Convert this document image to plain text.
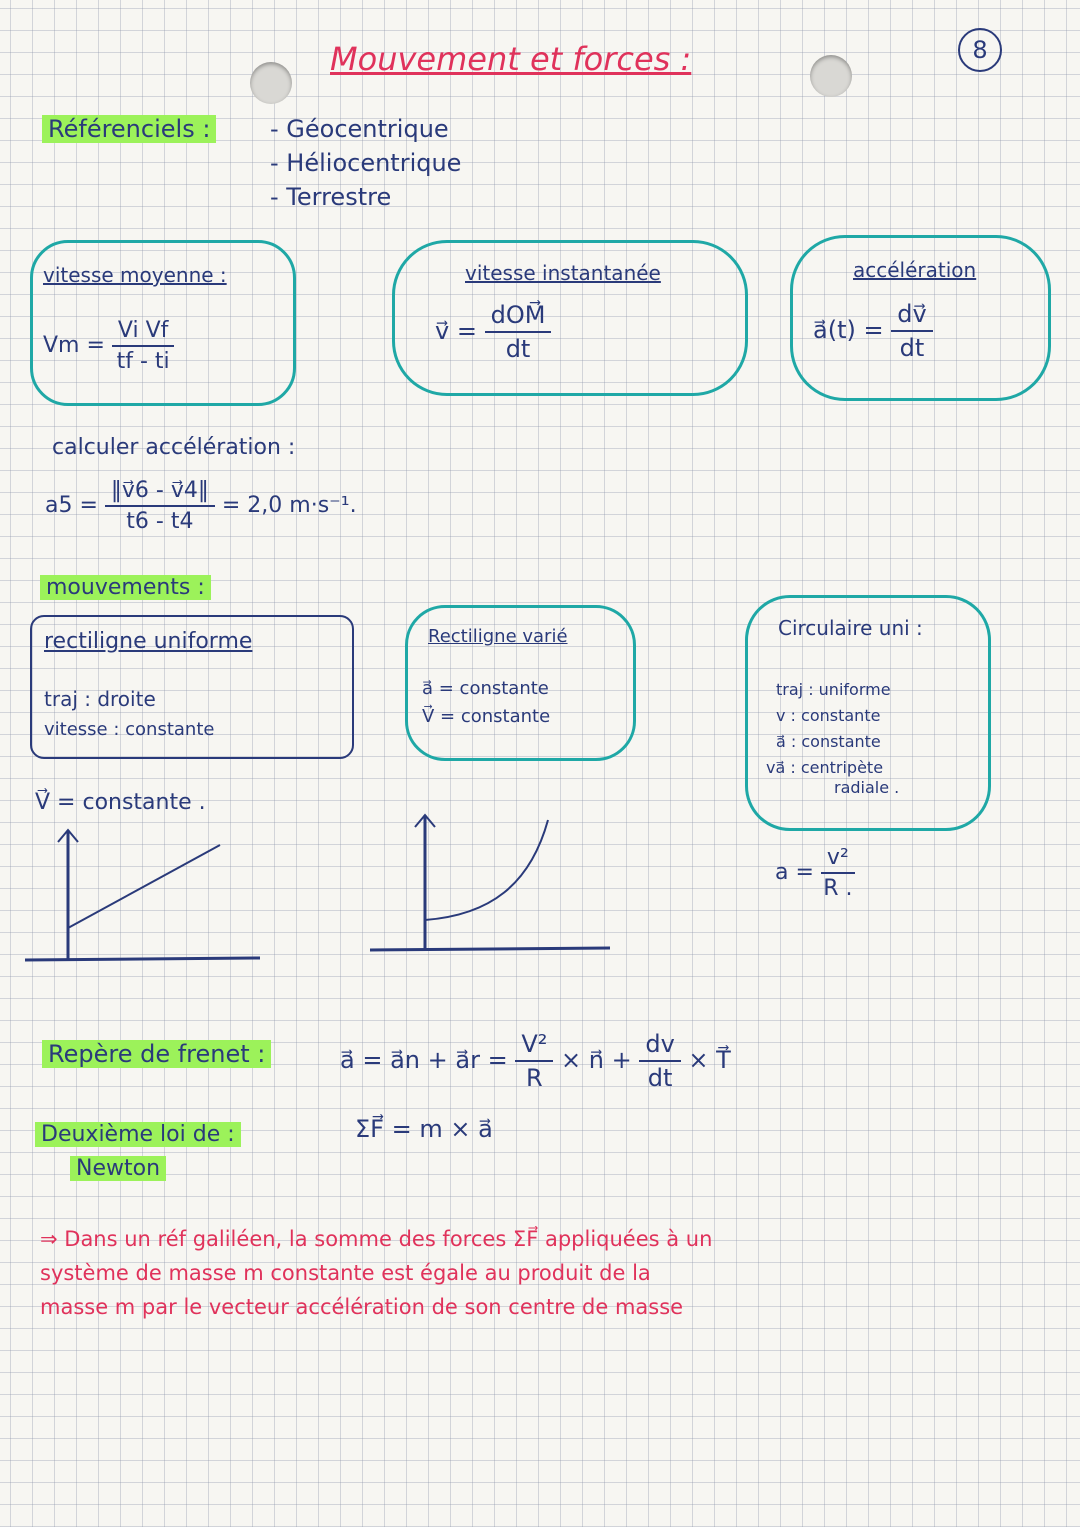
8
Mouvement et forces :
Référenciels : - Géocentrique
- Héliocentrique
- Terrestre
vitesse moyenne :
$Vm = \frac{\text{Vi Vf}}{tf - ti}$
vitesse instantanée
v⃗ = $\frac{\text{dOM⃗}}{dt}$
accélération
a⃗(t) = $\frac{dv⃗}{dt}$
calculer accélération :
$a5 = \frac{‖v⃗6 - v⃗4‖}{t6 - t4} = 2,0$ m·s⁻¹.
mouvements :
rectiligne uniforme
traj : droite
vitesse : constante
V⃗ = constante .
Rectiligne varié
a⃗ = constante
V⃗ = constante
Circulaire uni :
traj : uniforme
v : constante
a⃗ : constante
va⃗ : centripète
radiale .
$a = \frac{\text{v²}}{R .}$
Repère de frenet :	a⃗ = a⃗n + a⃗r = $\frac{\text{V²}}{R}$ × n⃗ + $\frac{dv}{dt}$ × T⃗
Deuxième loi de :
Newton
ΣF⃗ = m × a⃗
⇒ Dans un réf galiléen, la somme des forces ΣF⃗ appliquées à un
système de masse m constante est égale au produit de la
masse m par le vecteur accélération de son centre de masse
